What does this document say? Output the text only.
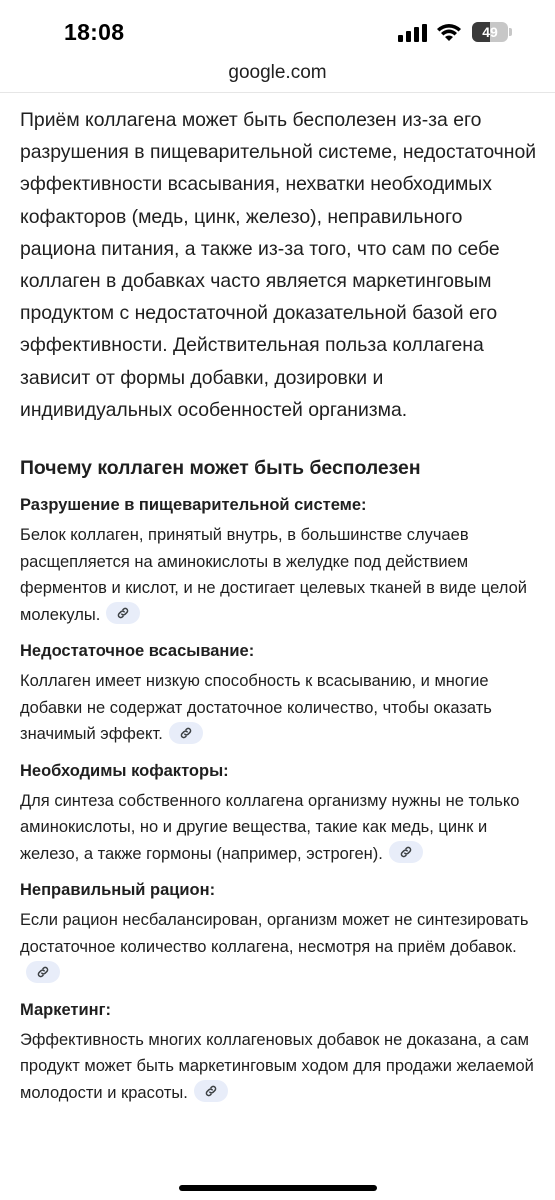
18:08	49
google.com

Приём коллагена может быть бесполезен из-за его разрушения в пищеварительной системе, недостаточной эффективности всасывания, нехватки необходимых кофакторов (медь, цинк, железо), неправильного рациона питания, а также из-за того, что сам по себе коллаген в добавках часто является маркетинговым продуктом с недостаточной доказательной базой его эффективности. Действительная польза коллагена зависит от формы добавки, дозировки и индивидуальных особенностей организма.

Почему коллаген может быть бесполезен
Разрушение в пищеварительной системе:

Белок коллаген, принятый внутрь, в большинстве случаев расщепляется на аминокислоты в желудке под действием ферментов и кислот, и не достигает целевых тканей в виде целой молекулы.

Недостаточное всасывание:

Коллаген имеет низкую способность к всасыванию, и многие добавки не содержат достаточное количество, чтобы оказать значимый эффект.

Необходимы кофакторы:

Для синтеза собственного коллагена организму нужны не только аминокислоты, но и другие вещества, такие как медь, цинк и железо, а также гормоны (например, эстроген).

Неправильный рацион:

Если рацион несбалансирован, организм может не синтезировать достаточное количество коллагена, несмотря на приём добавок.

Маркетинг:

Эффективность многих коллагеновых добавок не доказана, а сам продукт может быть маркетинговым ходом для продажи желаемой молодости и красоты.
